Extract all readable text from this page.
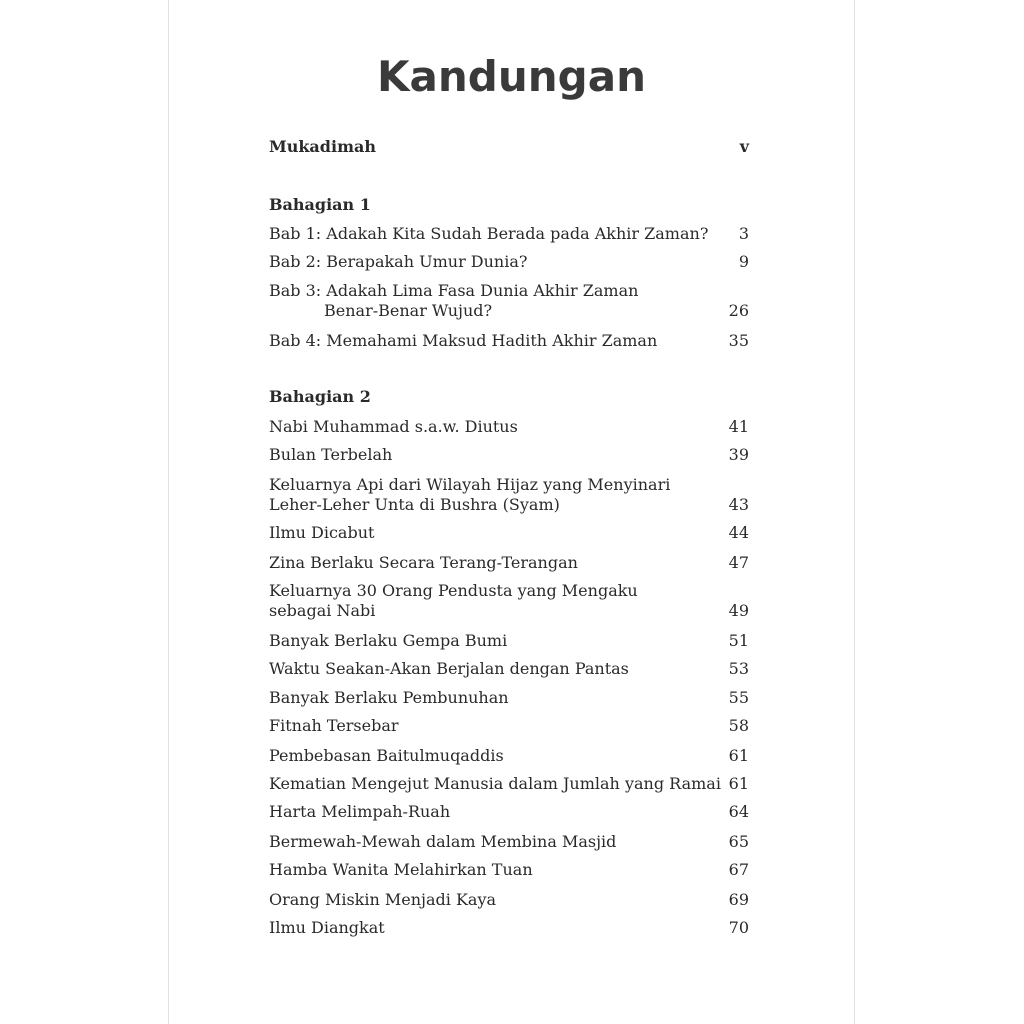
Kandungan
Mukadimah	v
Bahagian 1
Bab 1: Adakah Kita Sudah Berada pada Akhir Zaman?	3
Bab 2: Berapakah Umur Dunia?	9
Bab 3: Adakah Lima Fasa Dunia Akhir Zaman
Benar-Benar Wujud?	26
Bab 4: Memahami Maksud Hadith Akhir Zaman	35
Bahagian 2
Nabi Muhammad s.a.w. Diutus	41
Bulan Terbelah	39
Keluarnya Api dari Wilayah Hijaz yang Menyinari
Leher-Leher Unta di Bushra (Syam)	43
Ilmu Dicabut	44
Zina Berlaku Secara Terang-Terangan	47
Keluarnya 30 Orang Pendusta yang Mengaku
sebagai Nabi	49
Banyak Berlaku Gempa Bumi	51
Waktu Seakan-Akan Berjalan dengan Pantas	53
Banyak Berlaku Pembunuhan	55
Fitnah Tersebar	58
Pembebasan Baitulmuqaddis	61
Kematian Mengejut Manusia dalam Jumlah yang Ramai 61
Harta Melimpah-Ruah	64
Bermewah-Mewah dalam Membina Masjid	65
Hamba Wanita Melahirkan Tuan	67
Orang Miskin Menjadi Kaya	69
Ilmu Diangkat	70
